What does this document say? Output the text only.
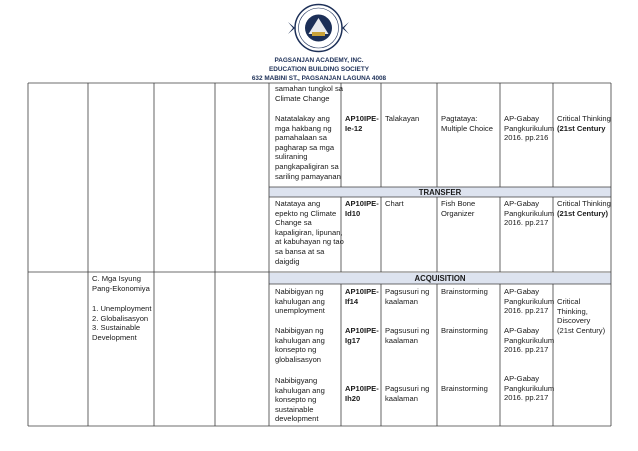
PAGSANJAN ACADEMY, INC.
EDUCATION BUILDING SOCIETY
632 MABINI ST., PAGSANJAN LAGUNA 4008
samahan tungkol sa
Climate Change
Natatalakay ang
mga hakbang ng
pamahalaan sa
pagharap sa mga
suliraning
pangkapaligiran sa
sariling pamayanan
AP10IPE-
Ie-12
Talakayan	Pagtataya:
Multiple Choice
AP-Gabay
Pangkurikulum
2016. pp.216
Critical Thinking
(21st Century
TRANSFER
Natataya ang
epekto ng Climate
Change sa
kapaligiran, lipunan,
at kabuhayan ng tao
sa bansa at sa
daigdig
AP10IPE-
Id10
Chart	Fish Bone
Organizer
AP-Gabay
Pangkurikulum
2016. pp.217
Critical Thinking
(21st Century)
C. Mga Isyung
Pang-Ekonomiya
1. Unemployment
2. Globalisasyon
3. Sustainable
Development
ACQUISITION
Nabibigyan ng
kahulugan ang
unemployment
AP10IPE-
If14
Pagsusuri ng
kaalaman
Brainstorming AP-Gabay
Pangkurikulum
2016. pp.217
Nabibigyan ng
kahulugan ang
konsepto ng
globalisasyon
AP10IPE-
Ig17
Pagsusuri ng
kaalaman
Brainstorming AP-Gabay
Pangkurikulum
2016. pp.217
Nabibigyang
kahulugan ang
konsepto ng
sustainable
development
AP10IPE-
Ih20
Pagsusuri ng
kaalaman
Brainstorming
AP-Gabay
Pangkurikulum
2016. pp.217
Critical
Thinking,
Discovery
(21st Century)
